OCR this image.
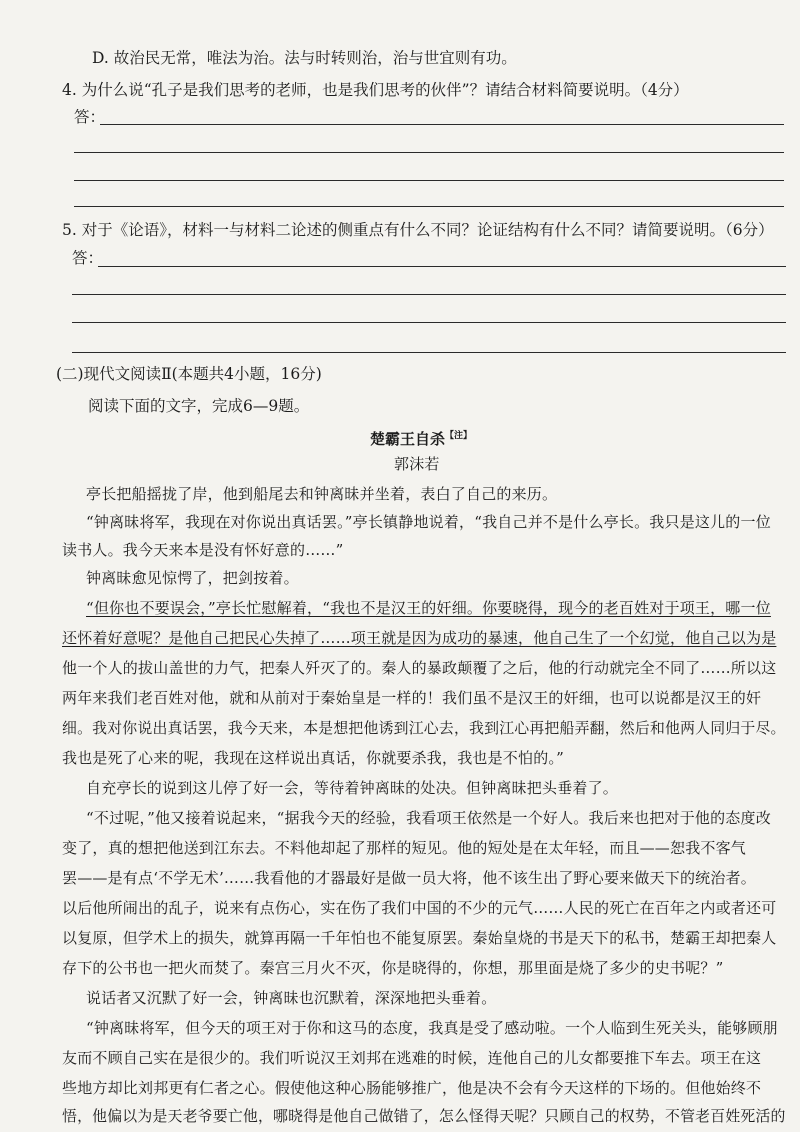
D. 故治民无常，唯法为治。法与时转则治，治与世宜则有功。
4. 为什么说“孔子是我们思考的老师，也是我们思考的伙伴”？请结合材料简要说明。（4分）
答：
5. 对于《论语》，材料一与材料二论述的侧重点有什么不同？论证结构有什么不同？请简要说明。（6分）
答：
(二)现代文阅读Ⅱ(本题共4小题，16分)
阅读下面的文字，完成6—9题。
楚霸王自杀$^{【注】}$
郭沫若
亭长把船摇拢了岸，他到船尾去和钟离昧并坐着，表白了自己的来历。
“钟离昧将军，我现在对你说出真话罢。”亭长镇静地说着，“我自己并不是什么亭长。我只是这儿的一位
读书人。我今天来本是没有怀好意的……”
钟离昧愈见惊愕了，把剑按着。
“但你也不要误会，”亭长忙慰解着，“我也不是汉王的奸细。你要晓得，现今的老百姓对于项王，哪一位
还怀着好意呢？是他自己把民心失掉了……项王就是因为成功的暴速，他自己生了一个幻觉，他自己以为是
他一个人的拔山盖世的力气，把秦人歼灭了的。秦人的暴政颠覆了之后，他的行动就完全不同了……所以这
两年来我们老百姓对他，就和从前对于秦始皇是一样的！我们虽不是汉王的奸细，也可以说都是汉王的奸
细。我对你说出真话罢，我今天来，本是想把他诱到江心去，我到江心再把船弄翻，然后和他两人同归于尽。
我也是死了心来的呢，我现在这样说出真话，你就要杀我，我也是不怕的。”
自充亭长的说到这儿停了好一会，等待着钟离昧的处决。但钟离昧把头垂着了。
“不过呢，”他又接着说起来，“据我今天的经验，我看项王依然是一个好人。我后来也把对于他的态度改
变了，真的想把他送到江东去。不料他却起了那样的短见。他的短处是在太年轻，而且——恕我不客气
罢——是有点‘不学无术’……我看他的才器最好是做一员大将，他不该生出了野心要来做天下的统治者。
以后他所闹出的乱子，说来有点伤心，实在伤了我们中国的不少的元气……人民的死亡在百年之内或者还可
以复原，但学术上的损失，就算再隔一千年怕也不能复原罢。秦始皇烧的书是天下的私书，楚霸王却把秦人
存下的公书也一把火而焚了。秦宫三月火不灭，你是晓得的，你想，那里面是烧了多少的史书呢？”
说话者又沉默了好一会，钟离昧也沉默着，深深地把头垂着。
“钟离昧将军，但今天的项王对于你和这马的态度，我真是受了感动啦。一个人临到生死关头，能够顾朋
友而不顾自己实在是很少的。我们听说汉王刘邦在逃难的时候，连他自己的儿女都要推下车去。项王在这
些地方却比刘邦更有仁者之心。假使他这种心肠能够推广，他是决不会有今天这样的下场的。但他始终不
悟，他偏以为是天老爷要亡他，哪晓得是他自己做错了，怎么怪得天呢？只顾自己的权势，不管老百姓死活的
